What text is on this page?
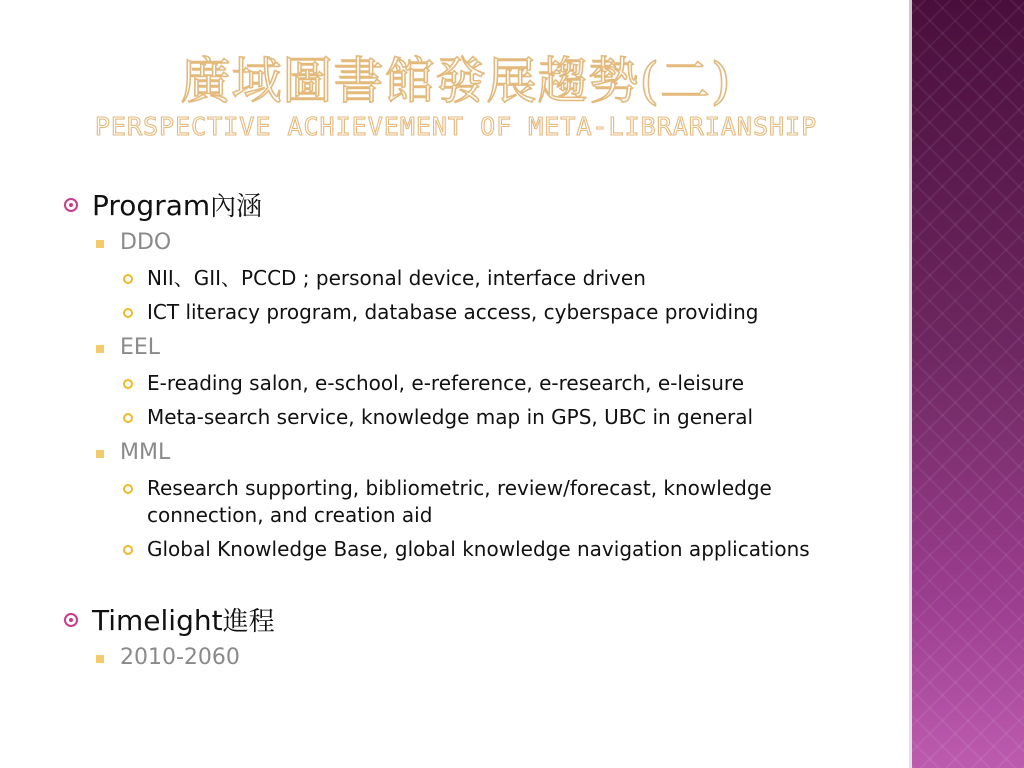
廣域圖書館發展趨勢(二)
PERSPECTIVE ACHIEVEMENT OF META-LIBRARIANSHIP
Program內涵
DDO
NII、GII、PCCD ; personal device, interface driven
ICT literacy program, database access, cyberspace providing
EEL
E-reading salon, e-school, e-reference, e-research, e-leisure
Meta-search service, knowledge map in GPS, UBC in general
MML
Research supporting, bibliometric, review/forecast, knowledge connection, and creation aid
Global Knowledge Base, global knowledge navigation applications
Timelight進程
2010-2060
